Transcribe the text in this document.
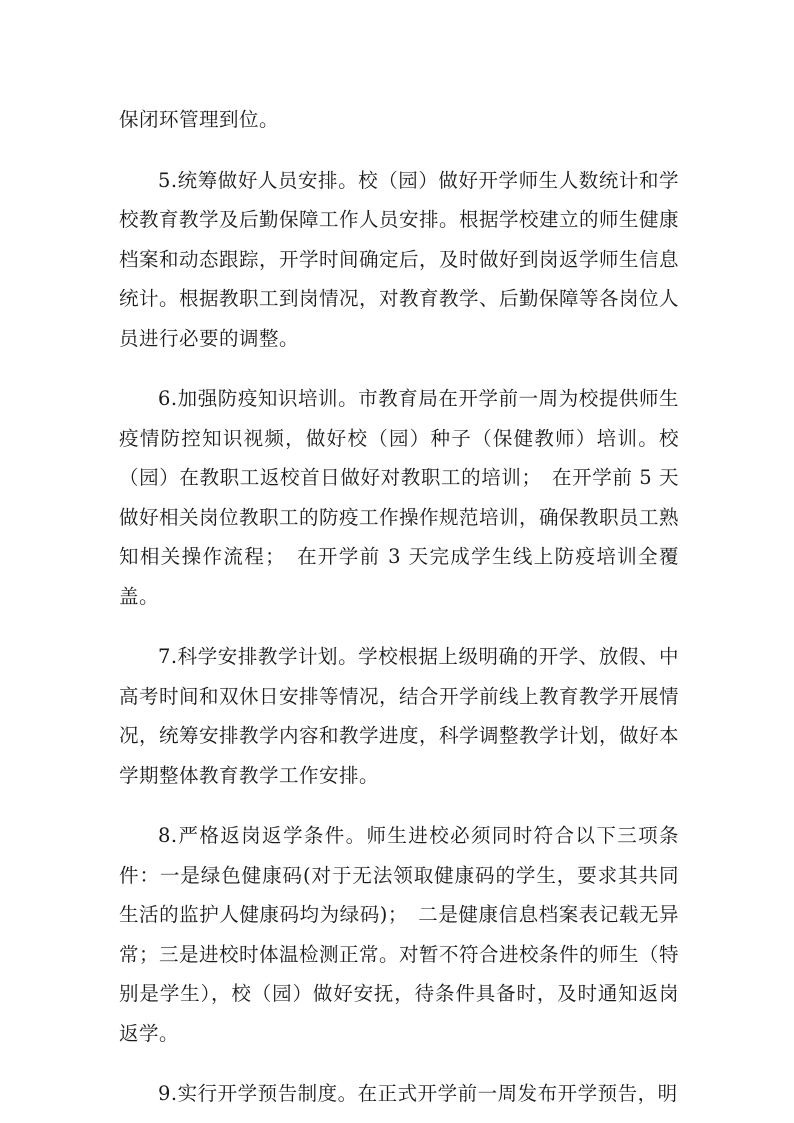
保闭环管理到位。

5.统筹做好人员安排。校（园）做好开学师生人数统计和学校教育教学及后勤保障工作人员安排。根据学校建立的师生健康档案和动态跟踪，开学时间确定后，及时做好到岗返学师生信息统计。根据教职工到岗情况，对教育教学、后勤保障等各岗位人员进行必要的调整。

6.加强防疫知识培训。市教育局在开学前一周为校提供师生疫情防控知识视频，做好校（园）种子（保健教师）培训。校（园）在教职工返校首日做好对教职工的培训；　在开学前 5 天做好相关岗位教职工的防疫工作操作规范培训，确保教职员工熟知相关操作流程；　在开学前 3 天完成学生线上防疫培训全覆盖。

7.科学安排教学计划。学校根据上级明确的开学、放假、中高考时间和双休日安排等情况，结合开学前线上教育教学开展情况，统筹安排教学内容和教学进度，科学调整教学计划，做好本学期整体教育教学工作安排。

8.严格返岗返学条件。师生进校必须同时符合以下三项条件：一是绿色健康码(对于无法领取健康码的学生，要求其共同生活的监护人健康码均为绿码)；　二是健康信息档案表记载无异常；三是进校时体温检测正常。对暂不符合进校条件的师生（特别是学生），校（园）做好安抚，待条件具备时，及时通知返岗返学。

9.实行开学预告制度。在正式开学前一周发布开学预告，明
